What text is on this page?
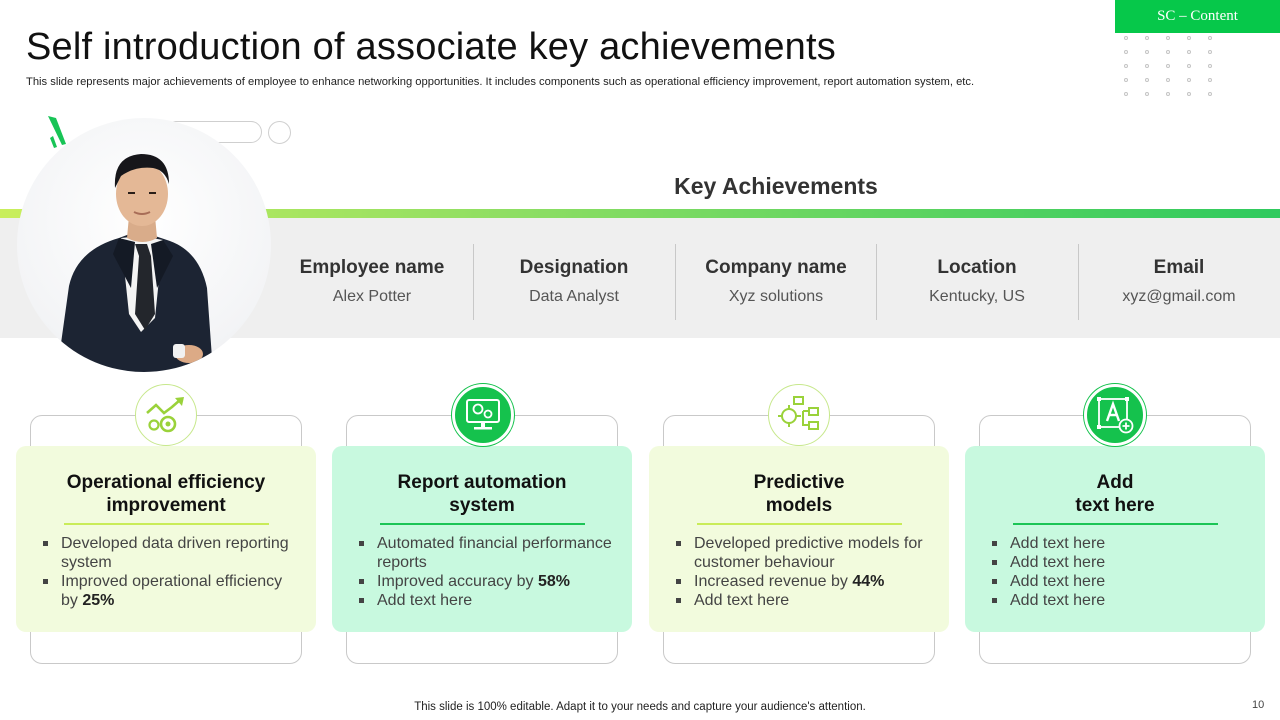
Self introduction of associate key achievements
This slide represents major achievements of employee to enhance networking opportunities. It includes components such as operational efficiency improvement, report automation system, etc.
SC – Content
Key Achievements
Employee name
Alex Potter
Designation
Data Analyst
Company name
Xyz solutions
Location
Kentucky, US
Email
xyz@gmail.com
Operational efficiency
improvement
Developed data driven reporting system
Improved operational efficiency by 25%
Report automation
system
Automated financial performance reports
Improved accuracy by 58%
Add text here
Predictive
models
Developed predictive models for customer behaviour
Increased revenue by 44%
Add text here
Add
text here
Add text here
Add text here
Add text here
Add text here
This slide is 100% editable. Adapt it to your needs and capture your audience's attention.	10
